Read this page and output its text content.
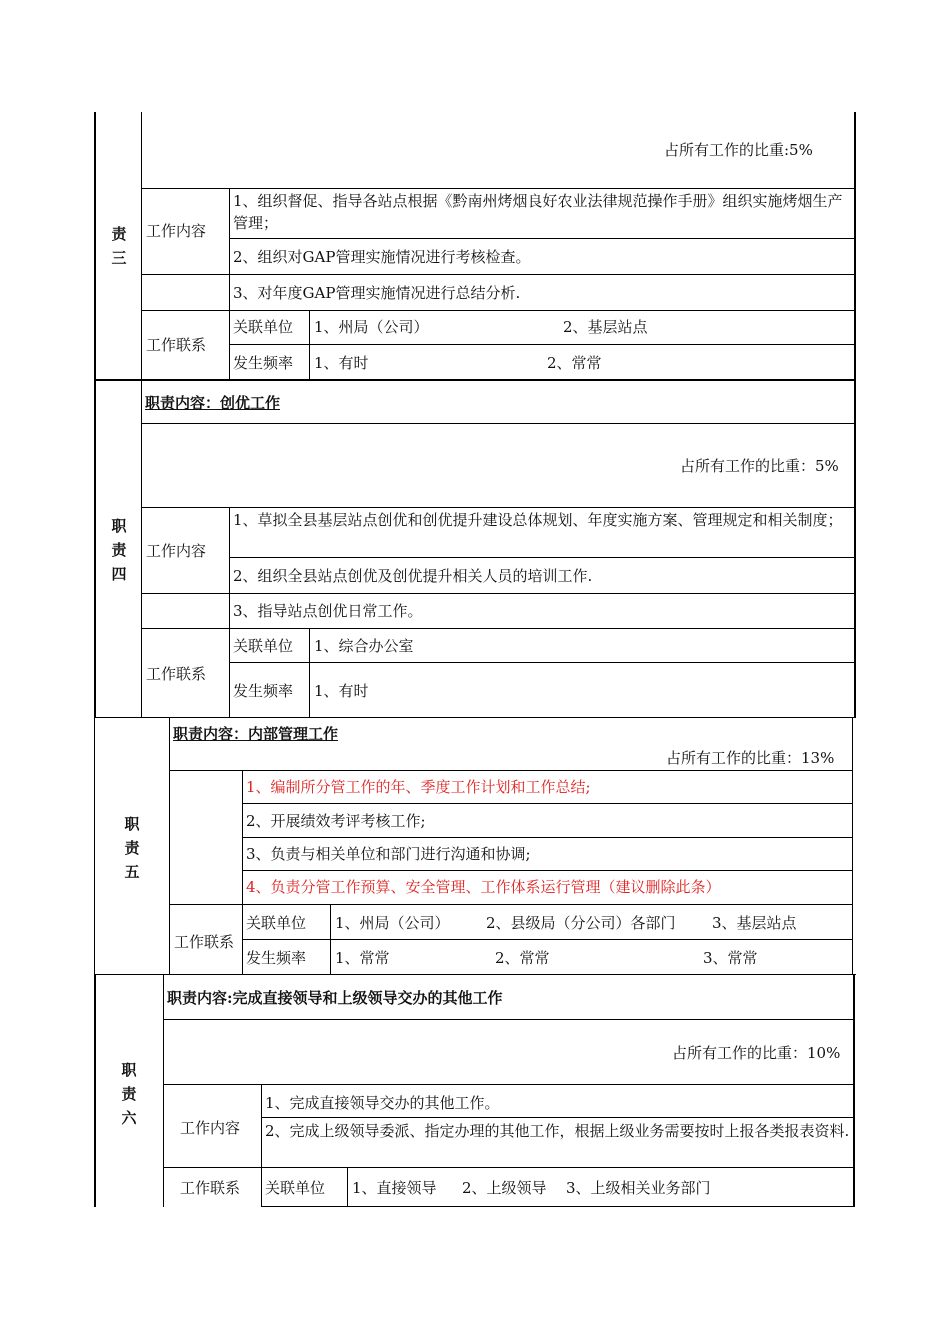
责
三
占所有工作的比重:5%
工作内容
1、组织督促、指导各站点根据《黔南州烤烟良好农业法律规范操作手册》组织实施烤烟生产管理；
2、组织对GAP管理实施情况进行考核检查。
3、对年度GAP管理实施情况进行总结分析.
工作联系
关联单位 1、州局（公司）	2、基层站点
发生频率 1、有时	2、常常
职
责
四
职责内容：创优工作
占所有工作的比重：5%
工作内容
1、草拟全县基层站点创优和创优提升建设总体规划、年度实施方案、管理规定和相关制度；
2、组织全县站点创优及创优提升相关人员的培训工作.
3、指导站点创优日常工作。
工作联系
关联单位 1、综合办公室
发生频率 1、有时
职
责
五
职责内容：内部管理工作
占所有工作的比重：13%
1、编制所分管工作的年、季度工作计划和工作总结;
2、开展绩效考评考核工作;
3、负责与相关单位和部门进行沟通和协调;
4、负责分管工作预算、安全管理、工作体系运行管理（建议删除此条）
工作联系
关联单位 1、州局（公司） 2、县级局（分公司）各部门 3、基层站点
发生频率 1、常常	2、常常	3、常常
职
责
六
职责内容:完成直接领导和上级领导交办的其他工作
占所有工作的比重：10%
工作内容
1、完成直接领导交办的其他工作。
2、完成上级领导委派、指定办理的其他工作，根据上级业务需要按时上报各类报表资料.
工作联系 关联单位 1、直接领导 2、上级领导 3、上级相关业务部门
